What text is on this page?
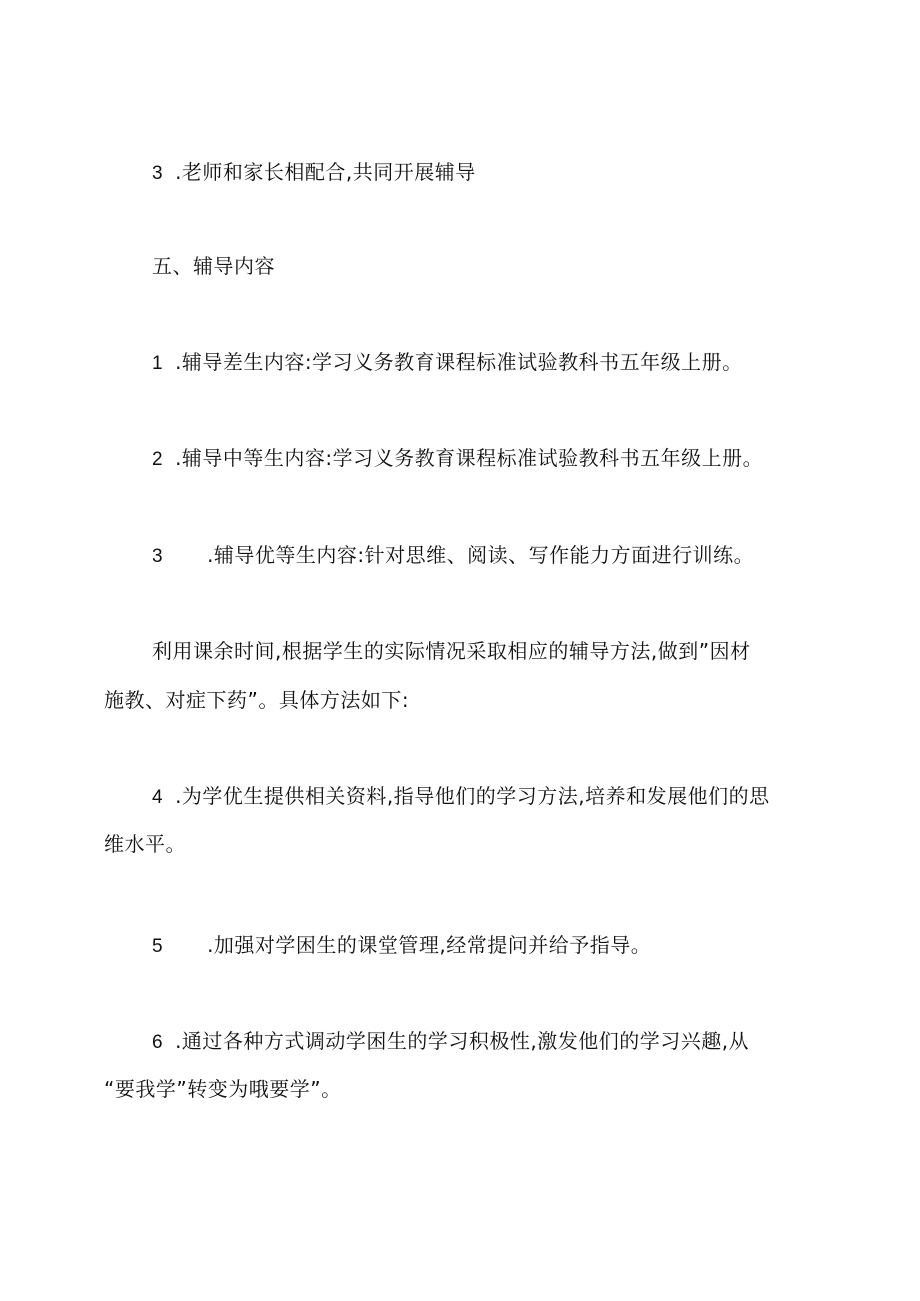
3 .老师和家长相配合,共同开展辅导
五、辅导内容
1 .辅导差生内容:学习义务教育课程标准试验教科书五年级上册。
2 .辅导中等生内容:学习义务教育课程标准试验教科书五年级上册。
3 .辅导优等生内容:针对思维、阅读、写作能力方面进行训练。
利用课余时间,根据学生的实际情况采取相应的辅导方法,做到”因材
施教、对症下药”。具体方法如下:
4 .为学优生提供相关资料,指导他们的学习方法,培养和发展他们的思
维水平。
5 .加强对学困生的课堂管理,经常提问并给予指导。
6 .通过各种方式调动学困生的学习积极性,激发他们的学习兴趣,从
“要我学”转变为哦要学”。
